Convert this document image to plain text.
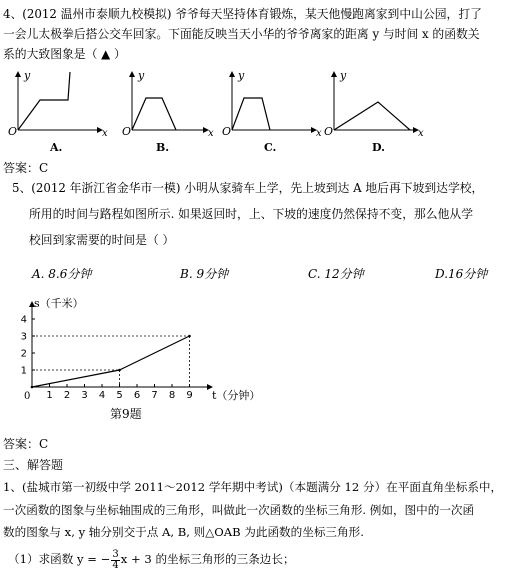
4、(2012 温州市泰顺九校模拟) 爷爷每天坚持体育锻炼，某天他慢跑离家到中山公园，打了
一会儿太极拳后搭公交车回家。下面能反映当天小华的爷爷离家的距离 y 与时间 x 的函数关
系的大致图象是（ ▲ ）
y
O	x
A.
y
O	x
B.
y
O	x
C.
y
O	x
D.
答案：C
5、(2012 年浙江省金华市一模) 小明从家骑车上学，先上坡到达 A 地后再下坡到达学校，
所用的时间与路程如图所示. 如果返回时，上、下坡的速度仍然保持不变，那么他从学
校回到家需要的时间是（ ）
A. 8.6分钟	B. 9分钟	C. 12分钟	D.16分钟
1 2 3 4 5 6 7 8 9
1
2
3
4
s（千米）
t（分钟）
0
第9题
答案：C
三、解答题
1、(盐城市第一初级中学 2011～2012 学年期中考试)（本题满分 12 分）在平面直角坐标系中，
一次函数的图象与坐标轴围成的三角形，叫做此一次函数的坐标三角形. 例如，图中的一次函
数的图象与 x, y 轴分别交于点 A, B, 则△OAB 为此函数的坐标三角形.
（1）求函数 y = − $\frac{3}{4}$ x + 3 的坐标三角形的三条边长；
